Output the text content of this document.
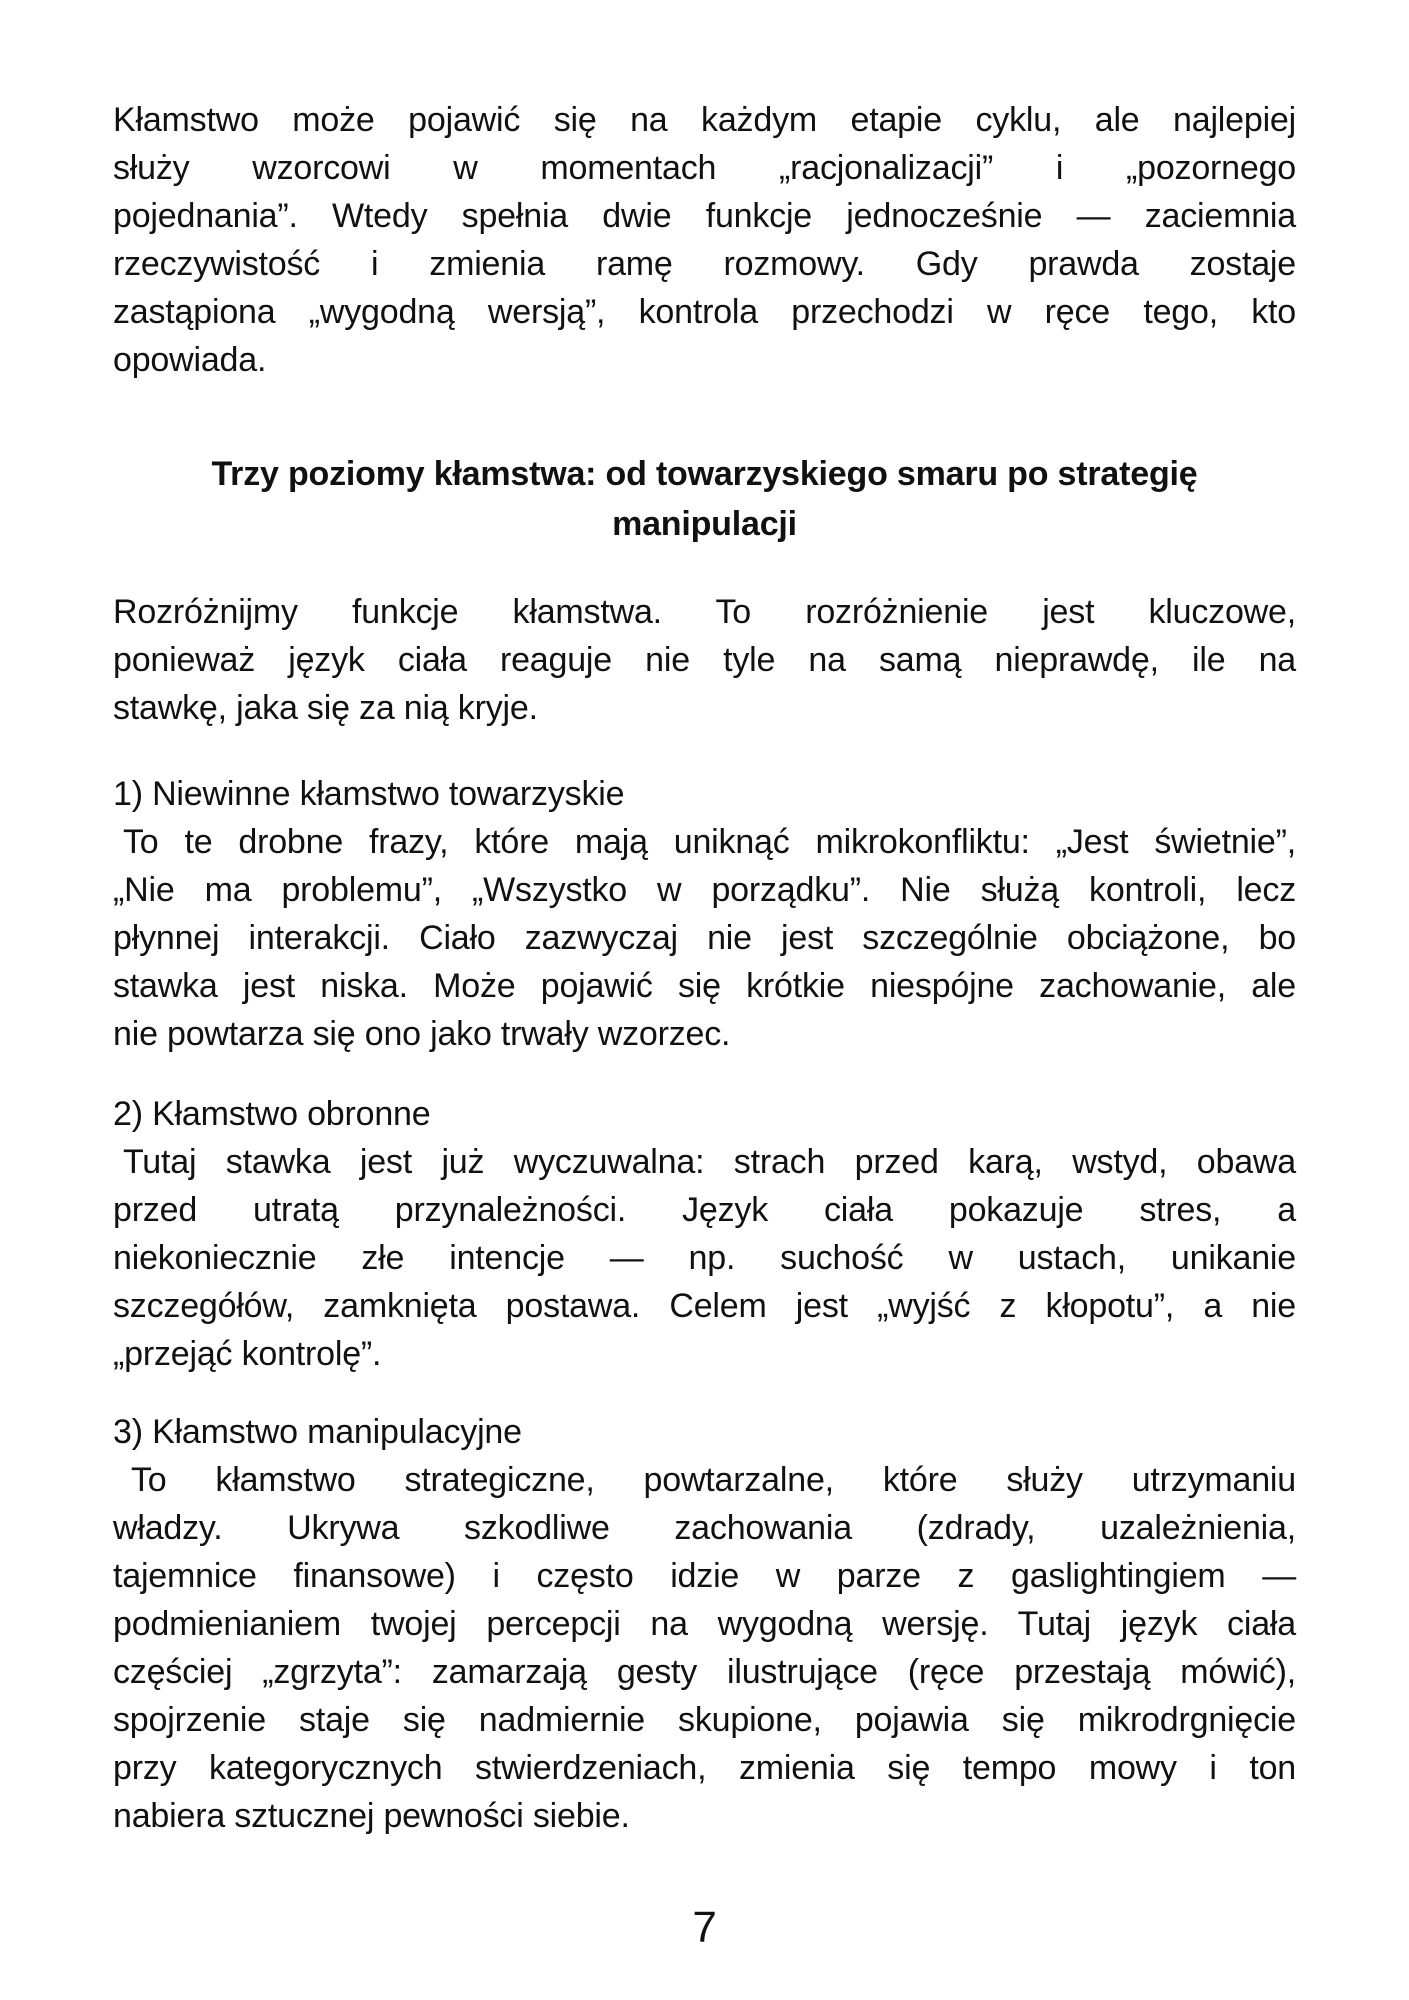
Kłamstwo może pojawić się na każdym etapie cyklu, ale najlepiej
służy wzorcowi w momentach „racjonalizacji” i „pozornego
pojednania”. Wtedy spełnia dwie funkcje jednocześnie — zaciemnia
rzeczywistość i zmienia ramę rozmowy. Gdy prawda zostaje
zastąpiona „wygodną wersją”, kontrola przechodzi w ręce tego, kto
opowiada.
Trzy poziomy kłamstwa: od towarzyskiego smaru po strategię
manipulacji
Rozróżnijmy funkcje kłamstwa. To rozróżnienie jest kluczowe,
ponieważ język ciała reaguje nie tyle na samą nieprawdę, ile na
stawkę, jaka się za nią kryje.
1) Niewinne kłamstwo towarzyskie
To te drobne frazy, które mają uniknąć mikrokonfliktu: „Jest świetnie”,
„Nie ma problemu”, „Wszystko w porządku”. Nie służą kontroli, lecz
płynnej interakcji. Ciało zazwyczaj nie jest szczególnie obciążone, bo
stawka jest niska. Może pojawić się krótkie niespójne zachowanie, ale
nie powtarza się ono jako trwały wzorzec.
2) Kłamstwo obronne
Tutaj stawka jest już wyczuwalna: strach przed karą, wstyd, obawa
przed utratą przynależności. Język ciała pokazuje stres, a
niekoniecznie złe intencje — np. suchość w ustach, unikanie
szczegółów, zamknięta postawa. Celem jest „wyjść z kłopotu”, a nie
„przejąć kontrolę”.
3) Kłamstwo manipulacyjne
To kłamstwo strategiczne, powtarzalne, które służy utrzymaniu
władzy. Ukrywa szkodliwe zachowania (zdrady, uzależnienia,
tajemnice finansowe) i często idzie w parze z gaslightingiem —
podmienianiem twojej percepcji na wygodną wersję. Tutaj język ciała
częściej „zgrzyta”: zamarzają gesty ilustrujące (ręce przestają mówić),
spojrzenie staje się nadmiernie skupione, pojawia się mikrodrgnięcie
przy kategorycznych stwierdzeniach, zmienia się tempo mowy i ton
nabiera sztucznej pewności siebie.
7
